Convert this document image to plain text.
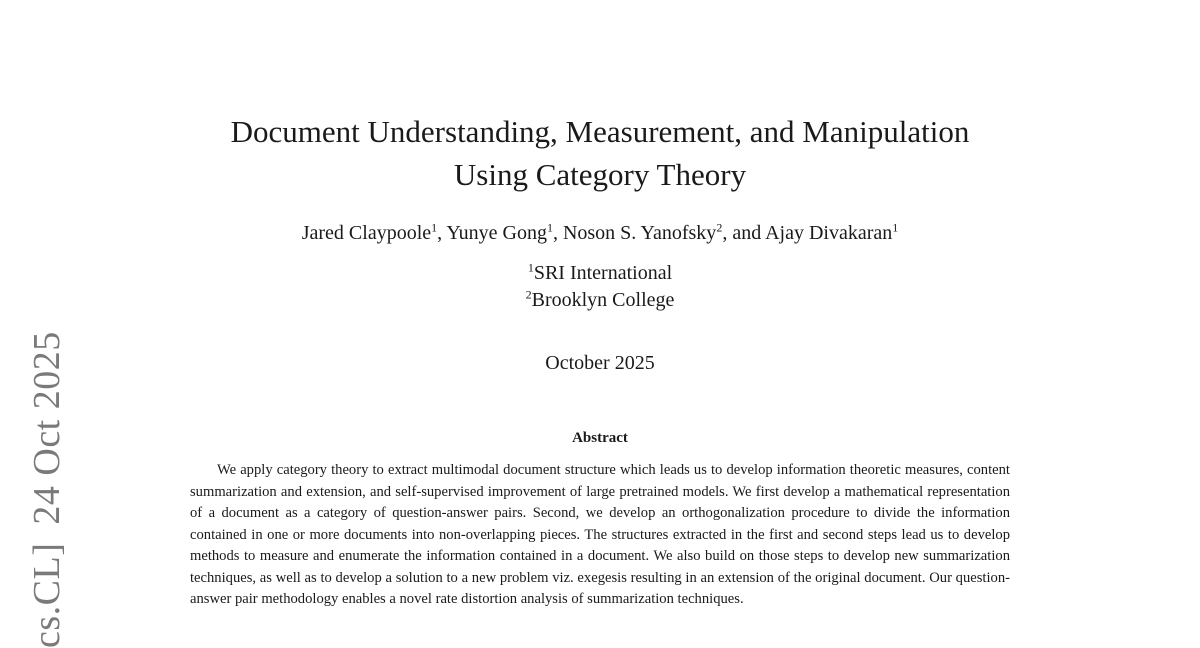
cs.CL]24 Oct 2025
Document Understanding, Measurement, and Manipulation
Using Category Theory
Jared Claypoole$^1$, Yunye Gong$^1$, Noson S. Yanofsky$^2$, and Ajay Divakaran$^1$
$^1$SRI International
$^2$Brooklyn College
October 2025
Abstract
We apply category theory to extract multimodal document structure which leads us to develop information theoretic measures, content summarization and extension, and self-supervised improvement of large pretrained models. We first develop a mathematical representation of a document as a category of question-answer pairs. Second, we develop an orthogonalization procedure to divide the information contained in one or more documents into non-overlapping pieces. The structures extracted in the first and second steps lead us to develop methods to measure and enumerate the information contained in a document. We also build on those steps to develop new summarization techniques, as well as to develop a solution to a new problem viz. exegesis resulting in an extension of the original document. Our question-answer pair methodology enables a novel rate distortion analysis of summarization techniques.
